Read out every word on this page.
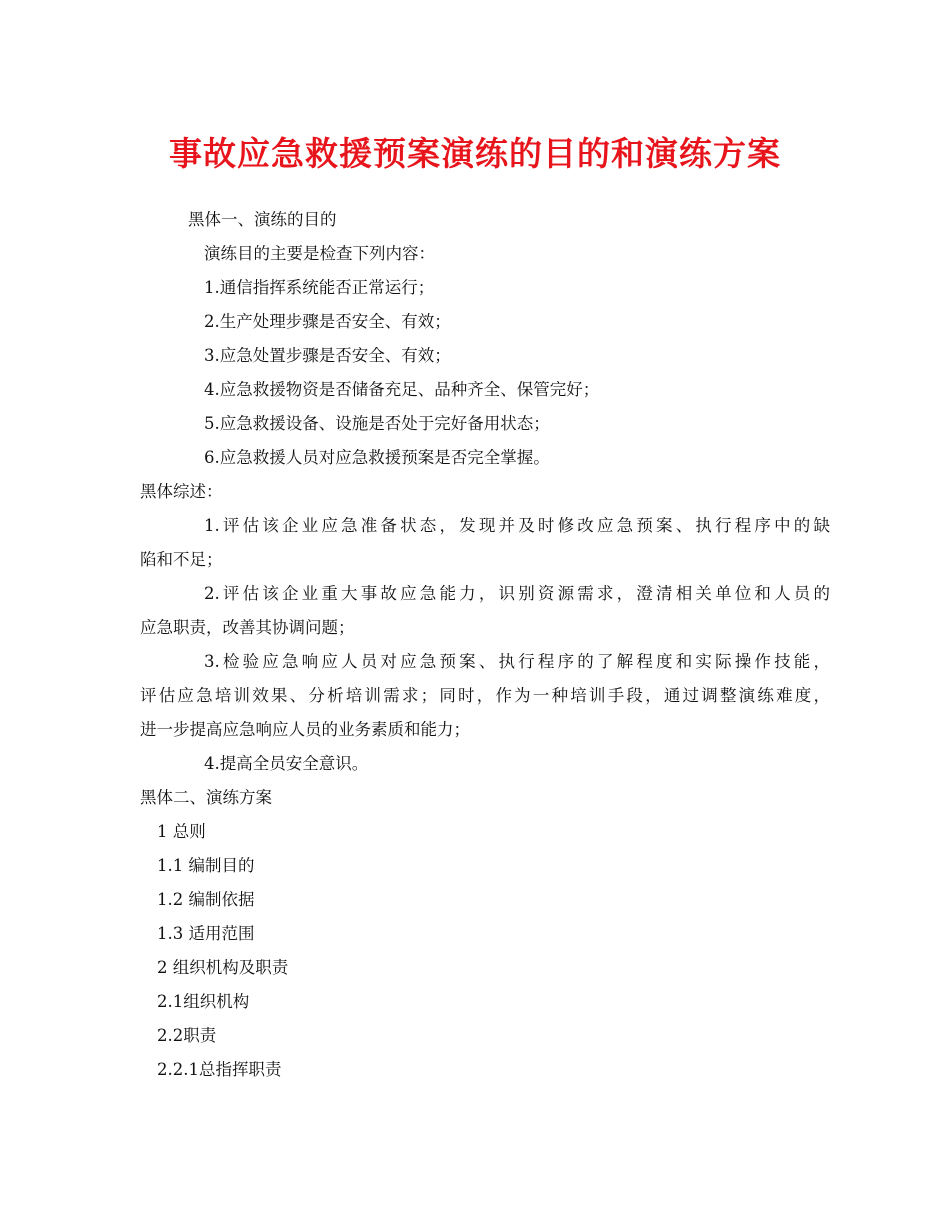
事故应急救援预案演练的目的和演练方案

黑体一、演练的目的

演练目的主要是检查下列内容：

1.通信指挥系统能否正常运行；

2.生产处理步骤是否安全、有效；

3.应急处置步骤是否安全、有效；

4.应急救援物资是否储备充足、品种齐全、保管完好；

5.应急救援设备、设施是否处于完好备用状态；

6.应急救援人员对应急救援预案是否完全掌握。

黑体综述：

1.评估该企业应急准备状态，发现并及时修改应急预案、执行程序中的缺

陷和不足；

2.评估该企业重大事故应急能力，识别资源需求，澄清相关单位和人员的

应急职责，改善其协调问题；

3.检验应急响应人员对应急预案、执行程序的了解程度和实际操作技能，

评估应急培训效果、分析培训需求；同时，作为一种培训手段，通过调整演练难度，

进一步提高应急响应人员的业务素质和能力；

4.提高全员安全意识。

黑体二、演练方案

1 总则

1.1 编制目的

1.2 编制依据

1.3 适用范围

2 组织机构及职责

2.1组织机构

2.2职责

2.2.1总指挥职责
